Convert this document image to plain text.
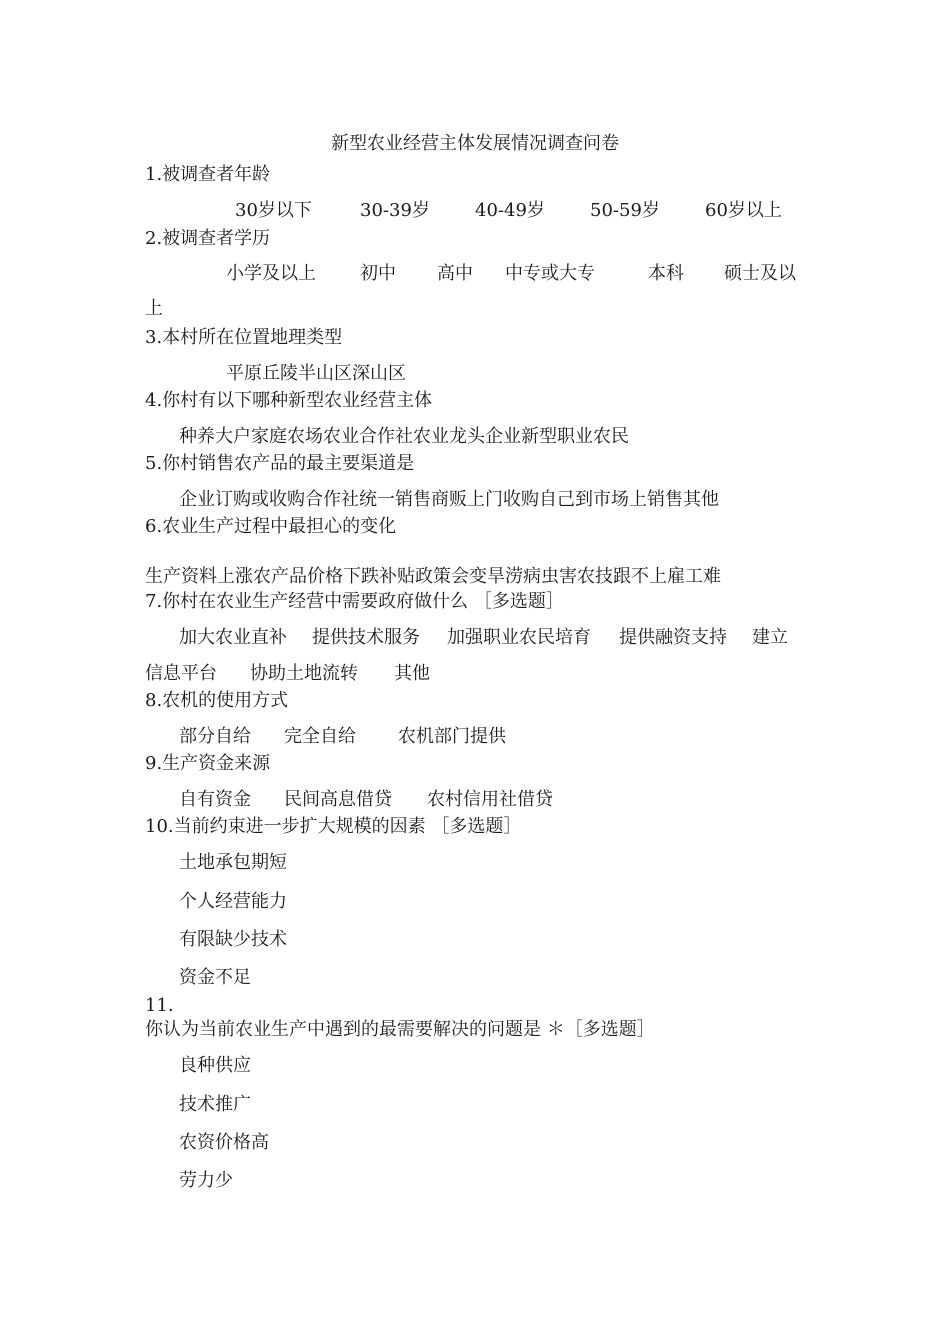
新型农业经营主体发展情况调查问卷
1.被调查者年龄
30岁以下	30-39岁	40-49岁	50-59岁	60岁以上
2.被调查者学历
小学及以上 初中 高中 中专或大专	本科 硕士及以
上
3.本村所在位置地理类型
平原丘陵半山区深山区
4.你村有以下哪种新型农业经营主体
种养大户家庭农场农业合作社农业龙头企业新型职业农民
5.你村销售农产品的最主要渠道是
企业订购或收购合作社统一销售商贩上门收购自己到市场上销售其他
6.农业生产过程中最担心的变化
生产资料上涨农产品价格下跌补贴政策会变旱涝病虫害农技跟不上雇工难
7.你村在农业生产经营中需要政府做什么 ［多选题］
加大农业直补 提供技术服务 加强职业农民培育 提供融资支持 建立
信息平台 协助土地流转 其他
8.农机的使用方式
部分自给 完全自给 农机部门提供
9.生产资金来源
自有资金 民间高息借贷 农村信用社借贷
10.当前约束进一步扩大规模的因素 ［多选题］
土地承包期短
个人经营能力
有限缺少技术
资金不足
11.
你认为当前农业生产中遇到的最需要解决的问题是 ＊［多选题］
良种供应
技术推广
农资价格高
劳力少
